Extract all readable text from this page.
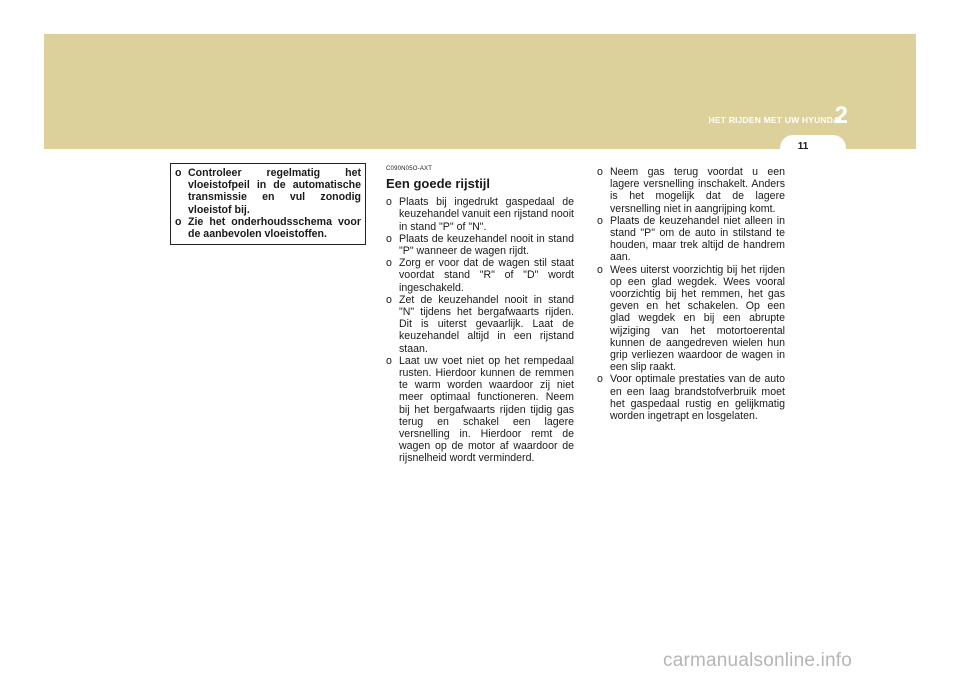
HET RIJDEN MET UW HYUNDAI
2
11
o Controleer regelmatig het vloeistofpeil in de automatische transmissie en vul zonodig vloeistof bij.
o Zie het onderhoudsschema voor de aanbevolen vloeistoffen.
C090N05O-AXT
Een goede rijstijl
o Plaats bij ingedrukt gaspedaal de keuzehandel vanuit een rijstand nooit in stand "P" of "N".
o Plaats de keuzehandel nooit in stand "P" wanneer de wagen rijdt.
o Zorg er voor dat de wagen stil staat voordat stand "R" of "D" wordt ingeschakeld.
o Zet de keuzehandel nooit in stand "N" tijdens het bergafwaarts rijden. Dit is uiterst gevaarlijk. Laat de keuzehandel altijd in een rijstand staan.
o Laat uw voet niet op het rempedaal rusten. Hierdoor kunnen de remmen te warm worden waardoor zij niet meer optimaal functioneren. Neem bij het bergafwaarts rijden tijdig gas terug en schakel een lagere versnelling in. Hierdoor remt de wagen op de motor af waardoor de rijsnelheid wordt verminderd.
o Neem gas terug voordat u een lagere versnelling inschakelt. Anders is het mogelijk dat de lagere versnelling niet in aangrijping komt.
o Plaats de keuzehandel niet alleen in stand "P" om de auto in stilstand te houden, maar trek altijd de handrem aan.
o Wees uiterst voorzichtig bij het rijden op een glad wegdek. Wees vooral voorzichtig bij het remmen, het gas geven en het schakelen. Op een glad wegdek en bij een abrupte wijziging van het motortoerental kunnen de aangedreven wielen hun grip verliezen waardoor de wagen in een slip raakt.
o Voor optimale prestaties van de auto en een laag brandstofverbruik moet het gaspedaal rustig en gelijkmatig worden ingetrapt en losgelaten.
carmanualsonline.info
